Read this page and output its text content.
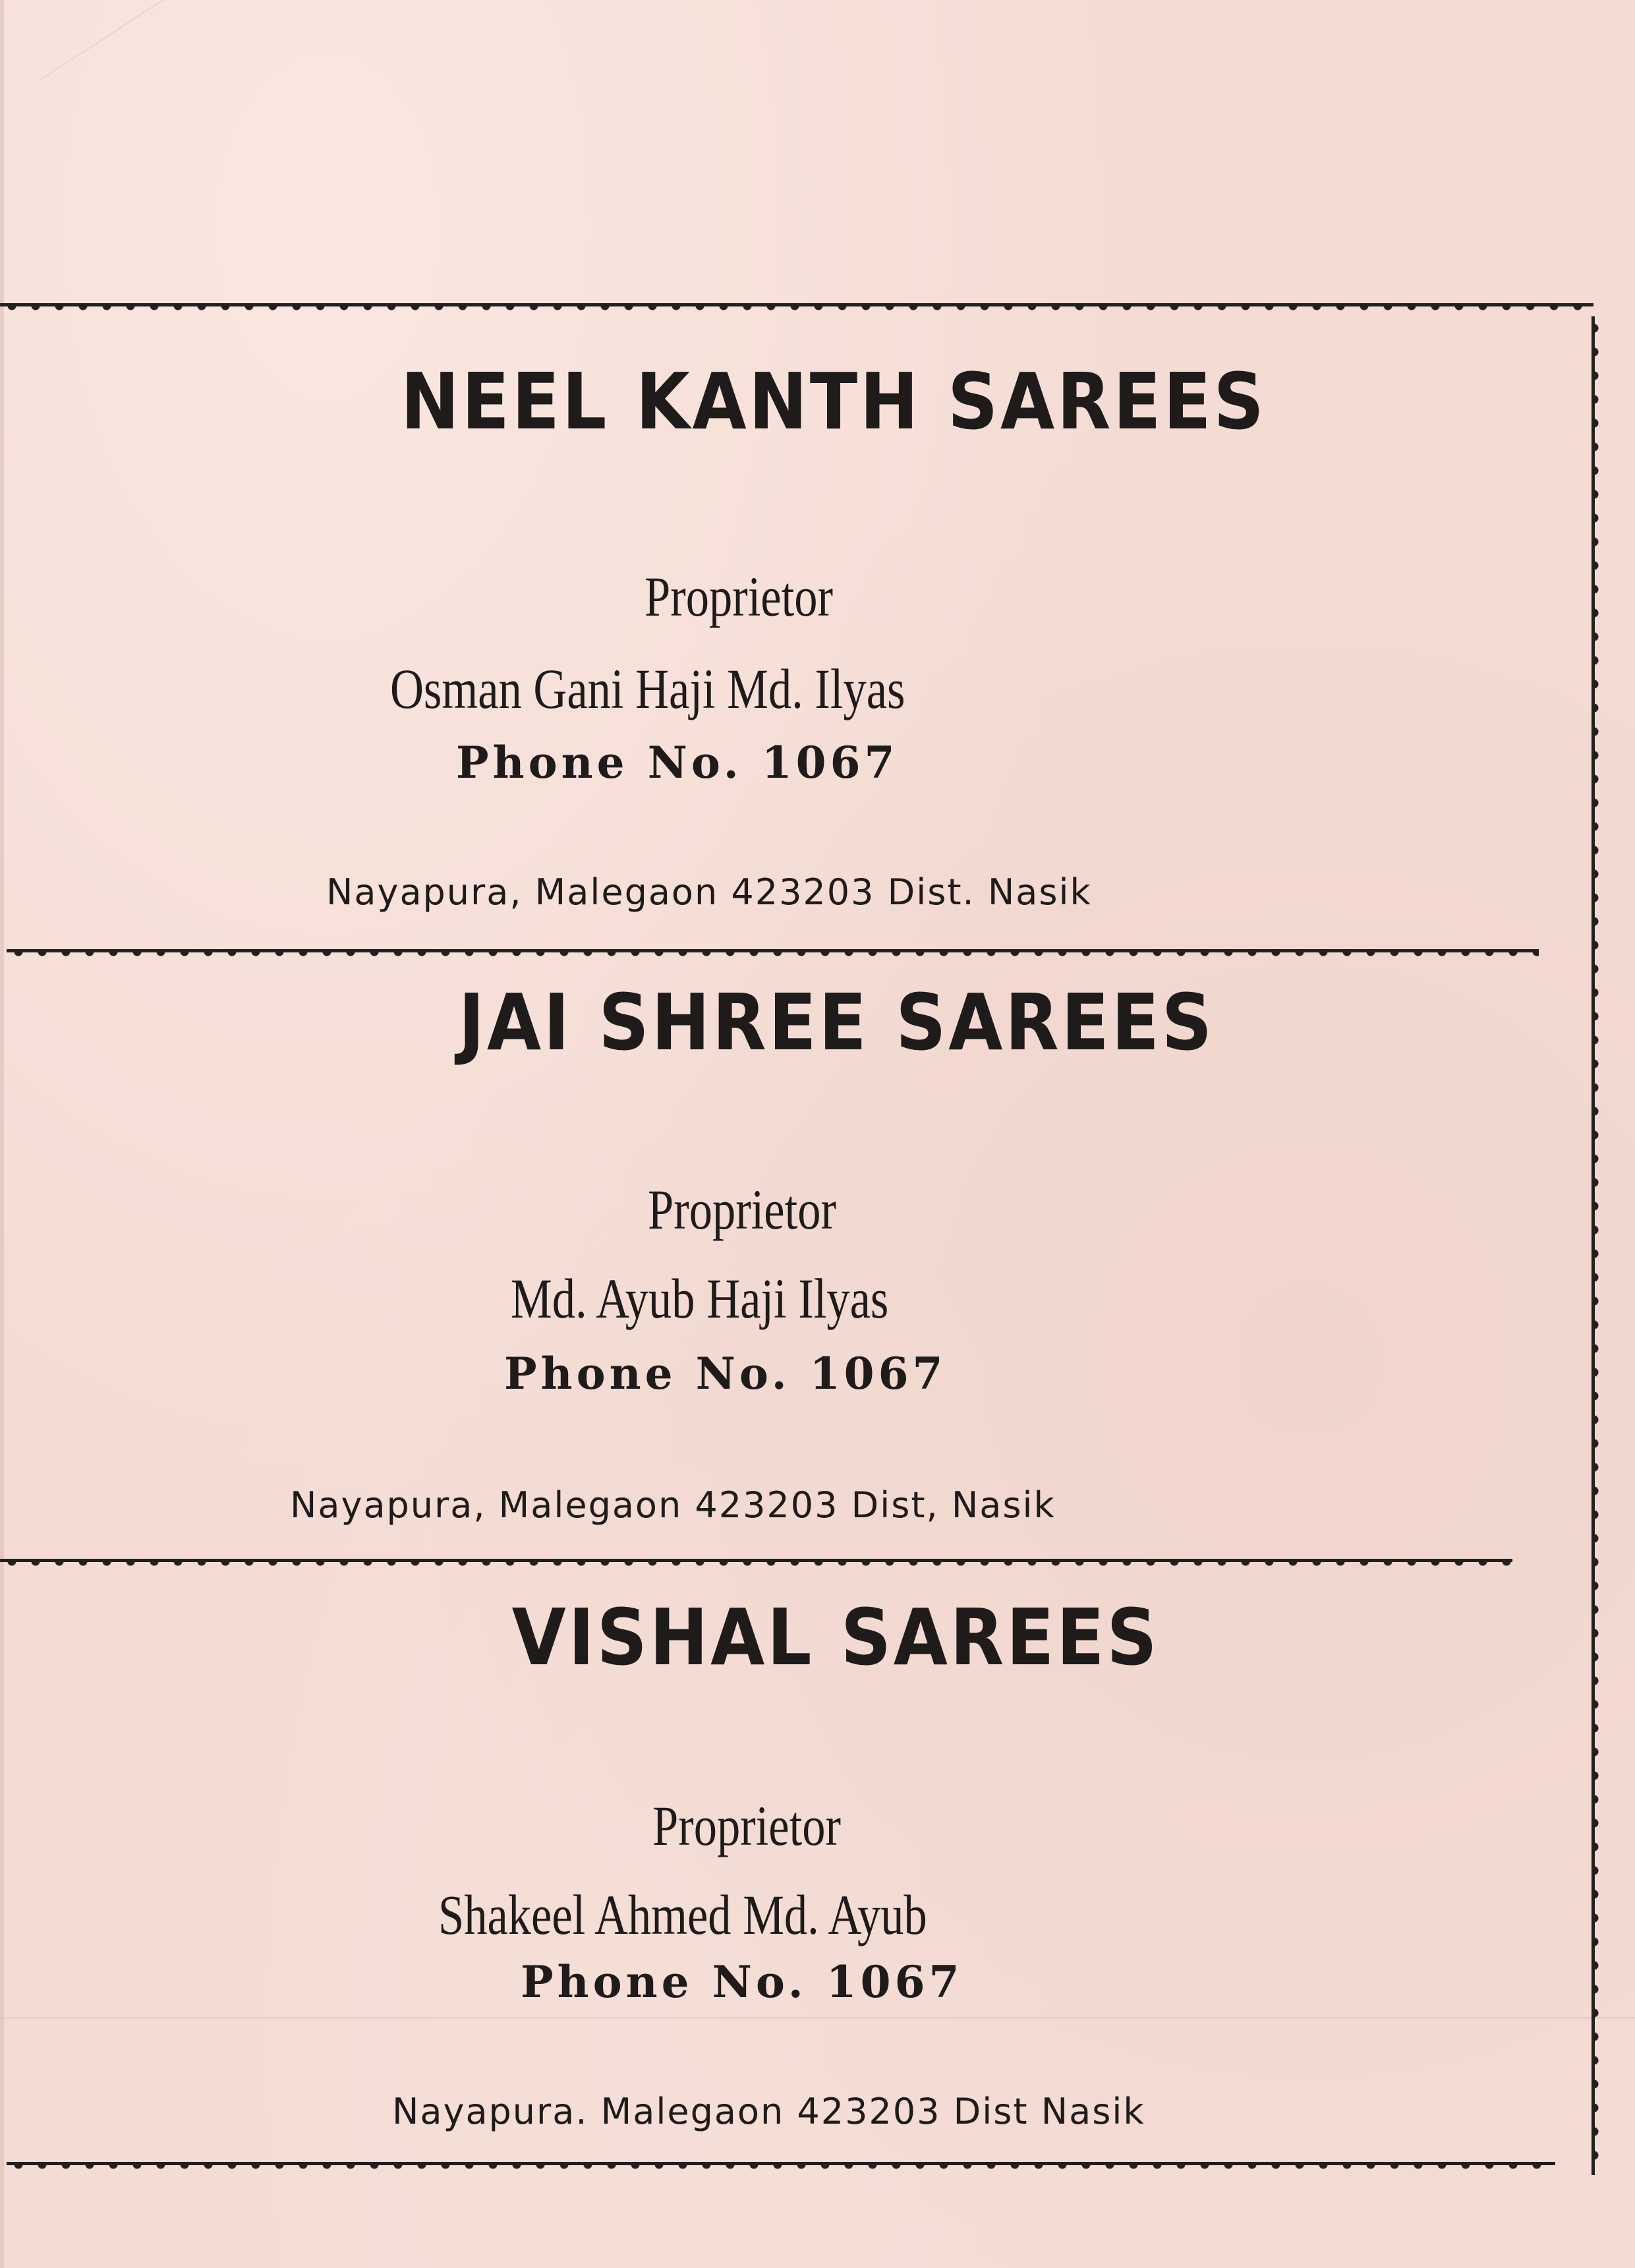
NEEL KANTH SAREES
Proprietor
Osman Gani Haji Md. Ilyas
Phone No. 1067
Nayapura, Malegaon 423203 Dist. Nasik
JAI SHREE SAREES
Proprietor
Md. Ayub Haji Ilyas
Phone No. 1067
Nayapura, Malegaon 423203 Dist, Nasik
VISHAL SAREES
Proprietor
Shakeel Ahmed Md. Ayub
Phone No. 1067
Nayapura. Malegaon 423203 Dist Nasik
